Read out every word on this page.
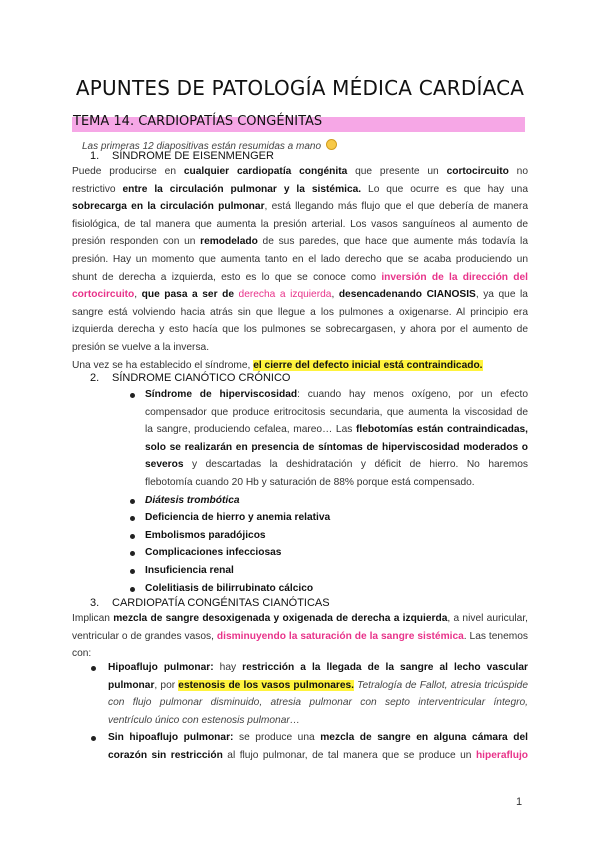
APUNTES DE PATOLOGÍA MÉDICA CARDÍACA
TEMA 14. CARDIOPATÍAS CONGÉNITAS
Las primeras 12 diapositivas están resumidas a mano
1. SÍNDROME DE EISENMENGER
Puede producirse en cualquier cardiopatía congénita que presente un cortocircuito no
restrictivo entre la circulación pulmonar y la sistémica. Lo que ocurre es que hay una
sobrecarga en la circulación pulmonar, está llegando más flujo que el que debería de manera
fisiológica, de tal manera que aumenta la presión arterial. Los vasos sanguíneos al aumento de
presión responden con un remodelado de sus paredes, que hace que aumente más todavía la
presión. Hay un momento que aumenta tanto en el lado derecho que se acaba produciendo un
shunt de derecha a izquierda, esto es lo que se conoce como inversión de la dirección del
cortocircuito, que pasa a ser de derecha a izquierda, desencadenando CIANOSIS, ya que la
sangre está volviendo hacia atrás sin que llegue a los pulmones a oxigenarse. Al principio era
izquierda derecha y esto hacía que los pulmones se sobrecargasen, y ahora por el aumento de
presión se vuelve a la inversa.
Una vez se ha establecido el síndrome, el cierre del defecto inicial está contraindicado.
2. SÍNDROME CIANÓTICO CRÓNICO
Síndrome de hiperviscosidad: cuando hay menos oxígeno, por un efecto
compensador que produce eritrocitosis secundaria, que aumenta la viscosidad de
la sangre, produciendo cefalea, mareo… Las flebotomías están contraindicadas,
solo se realizarán en presencia de síntomas de hiperviscosidad moderados o
severos y descartadas la deshidratación y déficit de hierro. No haremos
flebotomía cuando 20 Hb y saturación de 88% porque está compensado.
Diátesis trombótica
Deficiencia de hierro y anemia relativa
Embolismos paradójicos
Complicaciones infecciosas
Insuficiencia renal
Colelitiasis de bilirrubinato cálcico
3. CARDIOPATÍA CONGÉNITAS CIANÓTICAS
Implican mezcla de sangre desoxigenada y oxigenada de derecha a izquierda, a nivel auricular,
ventricular o de grandes vasos, disminuyendo la saturación de la sangre sistémica. Las tenemos
con:
Hipoaflujo pulmonar: hay restricción a la llegada de la sangre al lecho vascular
pulmonar, por estenosis de los vasos pulmonares. Tetralogía de Fallot, atresia tricúspide
con flujo pulmonar disminuido, atresia pulmonar con septo interventricular íntegro,
ventrículo único con estenosis pulmonar…
Sin hipoaflujo pulmonar: se produce una mezcla de sangre en alguna cámara del
corazón sin restricción al flujo pulmonar, de tal manera que se produce un hiperaflujo
1
